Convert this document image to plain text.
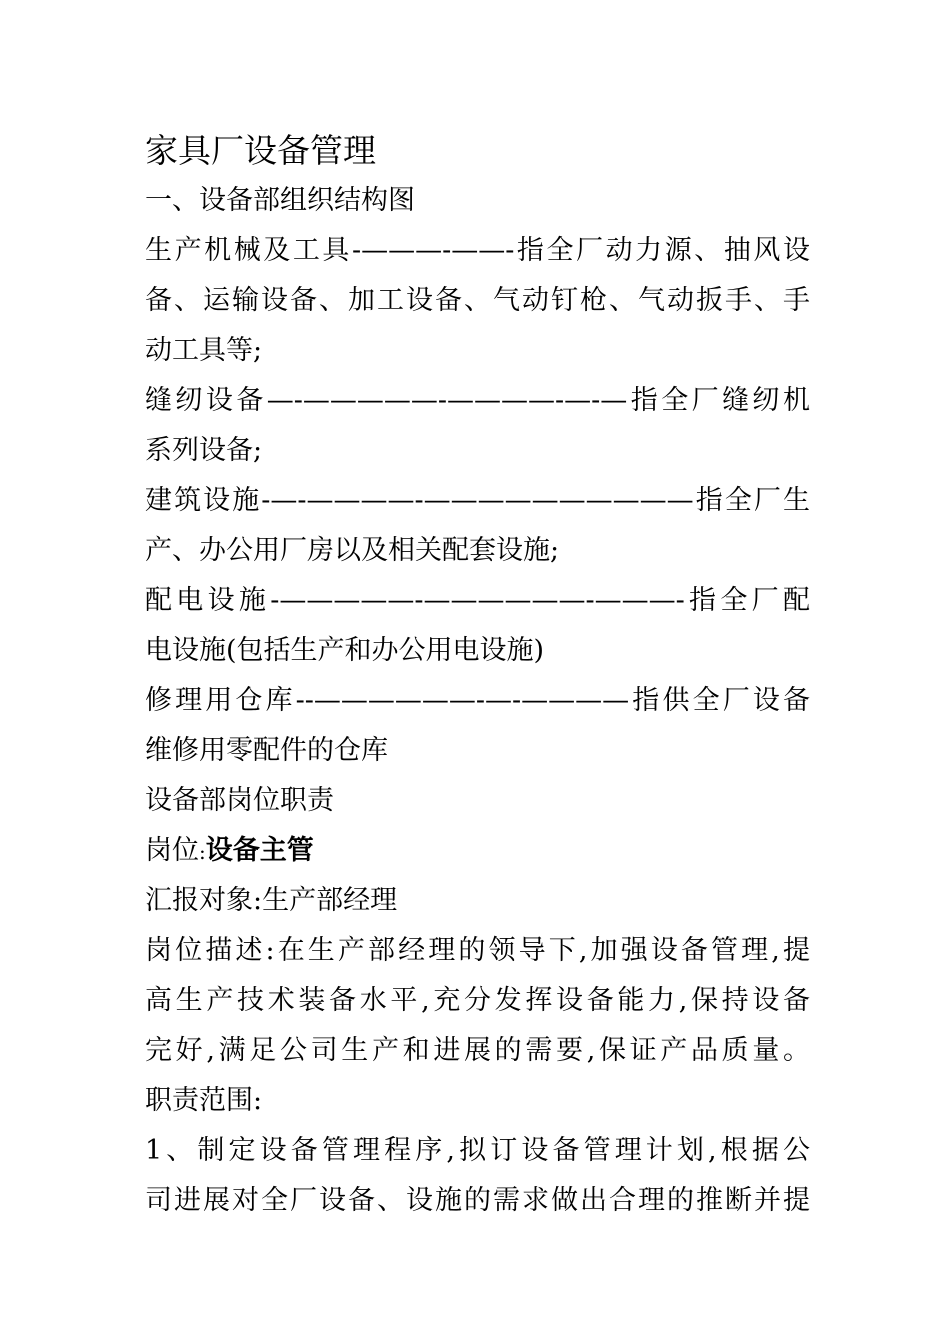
家具厂设备管理
一、设备部组织结构图
生产机械及工具-———-——-指全厂动力源、抽风设
备、运输设备、加工设备、气动钉枪、气动扳手、手
动工具等;
缝纫设备—-—————-————-—-—指全厂缝纫机
系列设备;
建筑设施-—-————-——————————指全厂生
产、办公用厂房以及相关配套设施;
配电设施-—————-——————-———-指全厂配
电设施(包括生产和办公用电设施)
修理用仓库--——————-—-————指供全厂设备
维修用零配件的仓库
设备部岗位职责
岗位:设备主管
汇报对象:生产部经理
岗位描述:在生产部经理的领导下,加强设备管理,提
高生产技术装备水平,充分发挥设备能力,保持设备
完好,满足公司生产和进展的需要,保证产品质量。
职责范围:
1、制定设备管理程序,拟订设备管理计划,根据公
司进展对全厂设备、设施的需求做出合理的推断并提
